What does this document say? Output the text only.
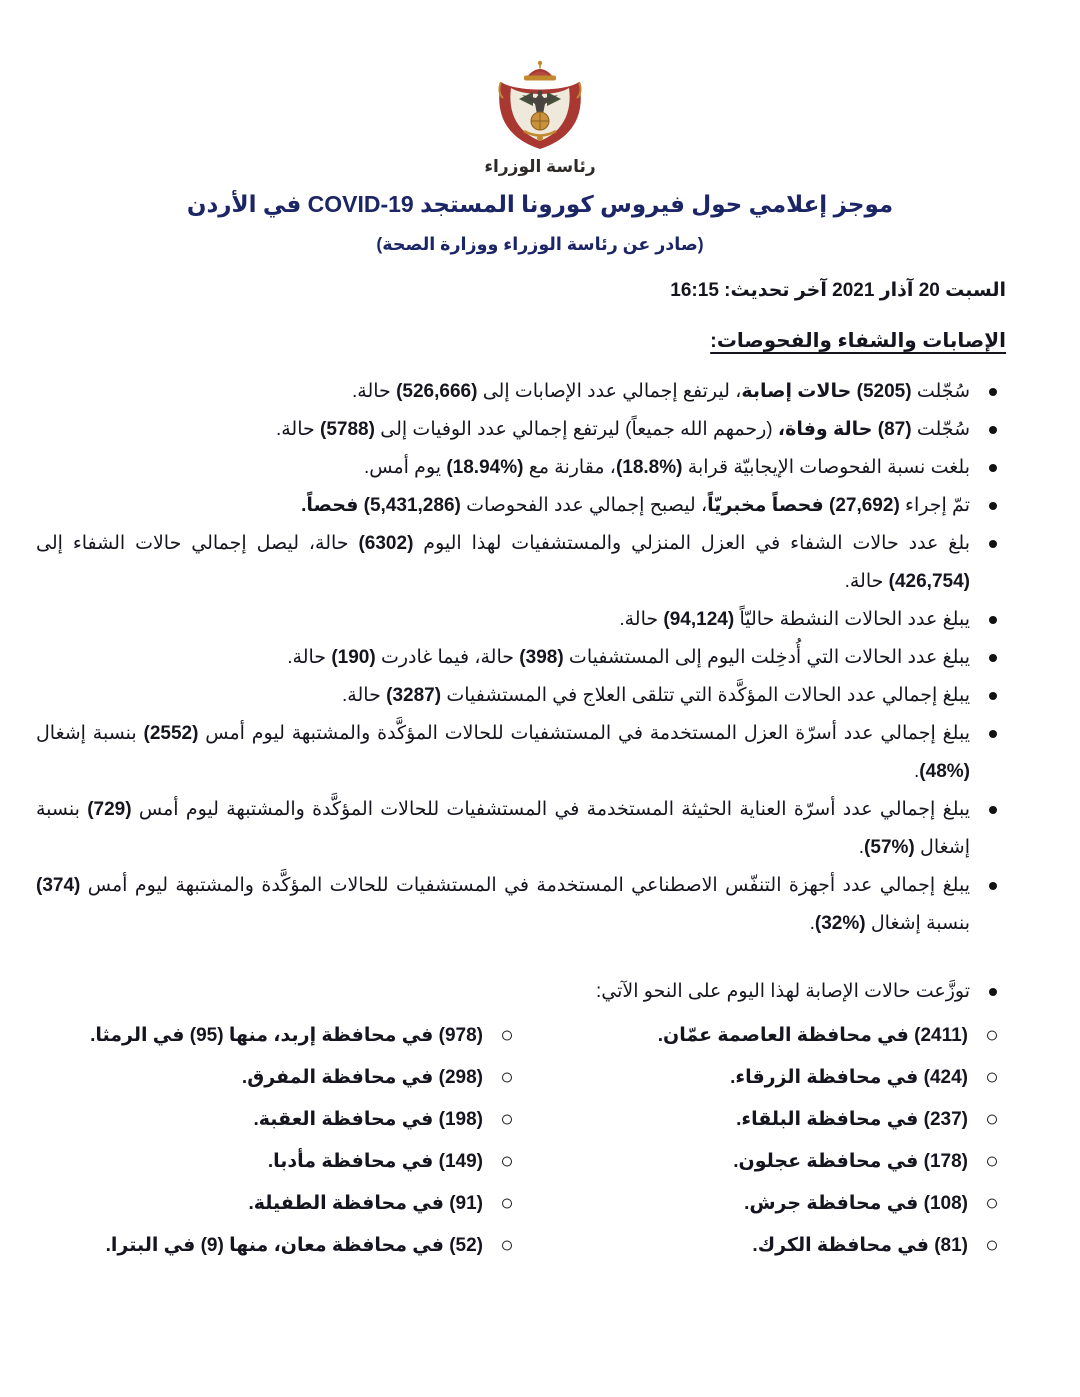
رئاسة الوزراء
موجز إعلامي حول فيروس كورونا المستجد COVID-19 في الأردن
(صادر عن رئاسة الوزراء ووزارة الصحة)
السبت 20 آذار 2021 آخر تحديث: 16:15
الإصابات والشفاء والفحوصات:
سُجّلت (5205) حالات إصابة، ليرتفع إجمالي عدد الإصابات إلى (526,666) حالة.
سُجّلت (87) حالة وفاة، (رحمهم الله جميعاً) ليرتفع إجمالي عدد الوفيات إلى (5788) حالة.
بلغت نسبة الفحوصات الإيجابيّة قرابة (%18.8)، مقارنة مع (%18.94) يوم أمس.
تمّ إجراء (27,692) فحصاً مخبريّاً، ليصبح إجمالي عدد الفحوصات (5,431,286) فحصاً.
بلغ عدد حالات الشفاء في العزل المنزلي والمستشفيات لهذا اليوم (6302) حالة، ليصل إجمالي حالات الشفاء إلى (426,754) حالة.
يبلغ عدد الحالات النشطة حاليّاً (94,124) حالة.
يبلغ عدد الحالات التي أُدخِلت اليوم إلى المستشفيات (398) حالة، فيما غادرت (190) حالة.
يبلغ إجمالي عدد الحالات المؤكَّدة التي تتلقى العلاج في المستشفيات (3287) حالة.
يبلغ إجمالي عدد أسرّة العزل المستخدمة في المستشفيات للحالات المؤكَّدة والمشتبهة ليوم أمس (2552) بنسبة إشغال (%48).
يبلغ إجمالي عدد أسرّة العناية الحثيثة المستخدمة في المستشفيات للحالات المؤكَّدة والمشتبهة ليوم أمس (729) بنسبة إشغال (%57).
يبلغ إجمالي عدد أجهزة التنفّس الاصطناعي المستخدمة في المستشفيات للحالات المؤكَّدة والمشتبهة ليوم أمس (374) بنسبة إشغال (%32).
توزَّعت حالات الإصابة لهذا اليوم على النحو الآتي:
(2411) في محافظة العاصمة عمّان.
(978) في محافظة إربد، منها (95) في الرمثا.
(424) في محافظة الزرقاء.
(298) في محافظة المفرق.
(237) في محافظة البلقاء.
(198) في محافظة العقبة.
(178) في محافظة عجلون.
(149) في محافظة مأدبا.
(108) في محافظة جرش.
(91) في محافظة الطفيلة.
(81) في محافظة الكرك.
(52) في محافظة معان، منها (9) في البترا.
